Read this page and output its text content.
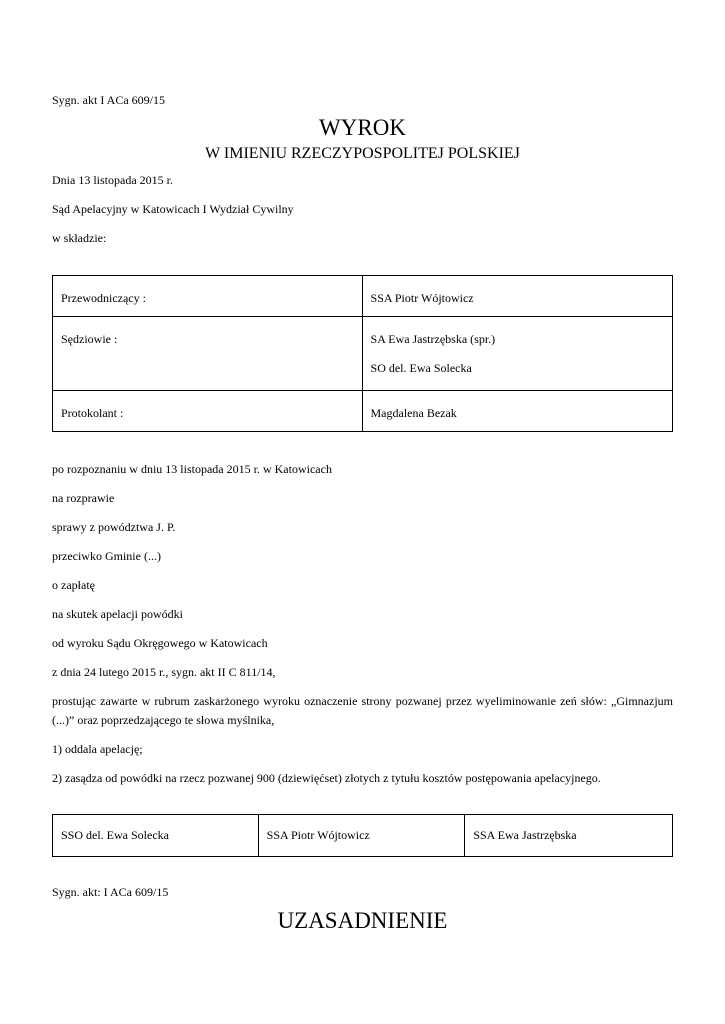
Sygn. akt I ACa 609/15
WYROK
W IMIENIU RZECZYPOSPOLITEJ POLSKIEJ
Dnia 13 listopada 2015 r.
Sąd Apelacyjny w Katowicach I Wydział Cywilny
w składzie:
Przewodniczący :	SSA Piotr Wójtowicz

Sędziowie :	SA Ewa Jastrzębska (spr.)
SO del. Ewa Solecka

Protokolant :	Magdalena Bezak
po rozpoznaniu w dniu 13 listopada 2015 r. w Katowicach
na rozprawie
sprawy z powództwa J. P.
przeciwko Gminie (...)
o zapłatę
na skutek apelacji powódki
od wyroku Sądu Okręgowego w Katowicach
z dnia 24 lutego 2015 r., sygn. akt II C 811/14,
prostując zawarte w rubrum zaskarżonego wyroku oznaczenie strony pozwanej przez wyeliminowanie zeń słów: „Gimnazjum (...)” oraz poprzedzającego te słowa myślnika,
1) oddala apelację;
2) zasądza od powódki na rzecz pozwanej 900 (dziewięćset) złotych z tytułu kosztów postępowania apelacyjnego.
SSO del. Ewa Solecka	SSA Piotr Wójtowicz	SSA Ewa Jastrzębska
Sygn. akt: I ACa 609/15
UZASADNIENIE
